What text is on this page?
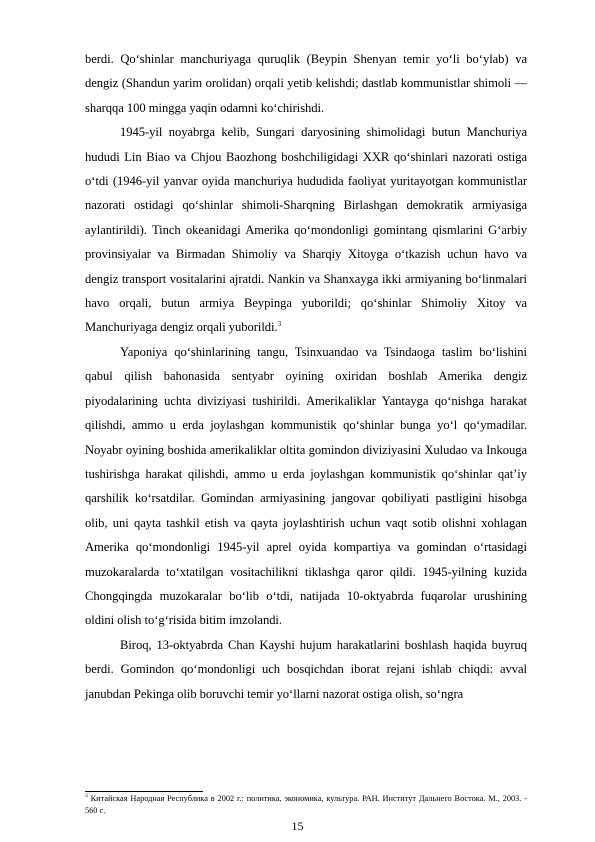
berdi. Qo‘shinlar manchuriyaga quruqlik (Beypin Shenyan temir yo‘li bo‘ylab) va dengiz (Shandun yarim orolidan) orqali yetib kelishdi; dastlab kommunistlar shimoli — sharqqa 100 mingga yaqin odamni ko‘chirishdi.

1945-yil noyabrga kelib, Sungari daryosining shimolidagi butun Manchuriya hududi Lin Biao va Chjou Baozhong boshchiligidagi XXR qo‘shinlari nazorati ostiga o‘tdi (1946-yil yanvar oyida manchuriya hududida faoliyat yuritayotgan kommunistlar nazorati ostidagi qo‘shinlar shimoli-Sharqning Birlashgan demokratik armiyasiga aylantirildi). Tinch okeanidagi Amerika qo‘mondonligi gomintang qismlarini G‘arbiy provinsiyalar va Birmadan Shimoliy va Sharqiy Xitoyga o‘tkazish uchun havo va dengiz transport vositalarini ajratdi. Nankin va Shanxayga ikki armiyaning bo‘linmalari havo orqali, butun armiya Beypinga yuborildi; qo‘shinlar Shimoliy Xitoy va Manchuriyaga dengiz orqali yuborildi.$^3$

Yaponiya qo‘shinlarining tangu, Tsinxuandao va Tsindaoga taslim bo‘lishini qabul qilish bahonasida sentyabr oyining oxiridan boshlab Amerika dengiz piyodalarining uchta diviziyasi tushirildi. Amerikaliklar Yantayga qo‘nishga harakat qilishdi, ammo u erda joylashgan kommunistik qo‘shinlar bunga yo‘l qo‘ymadilar. Noyabr oyining boshida amerikaliklar oltita gomindon diviziyasini Xuludao va Inkouga tushirishga harakat qilishdi, ammo u erda joylashgan kommunistik qo‘shinlar qat’iy qarshilik ko‘rsatdilar. Gomindan armiyasining jangovar qobiliyati pastligini hisobga olib, uni qayta tashkil etish va qayta joylashtirish uchun vaqt sotib olishni xohlagan Amerika qo‘mondonligi 1945-yil aprel oyida kompartiya va gomindan o‘rtasidagi muzokaralarda to‘xtatilgan vositachilikni tiklashga qaror qildi. 1945-yilning kuzida Chongqingda muzokaralar bo‘lib o‘tdi, natijada 10-oktyabrda fuqarolar urushining oldini olish to‘g‘risida bitim imzolandi.

Biroq, 13-oktyabrda Chan Kayshi hujum harakatlarini boshlash haqida buyruq berdi. Gomindon qo‘mondonligi uch bosqichdan iborat rejani ishlab chiqdi: avval janubdan Pekinga olib boruvchi temir yo‘llarni nazorat ostiga olish, so‘ngra

$^3$ Китайская Народная Республика в 2002 г.: политика, экономика, культура. РАН. Институт Дальнего Востока. М., 2003. - 560 с.
15
